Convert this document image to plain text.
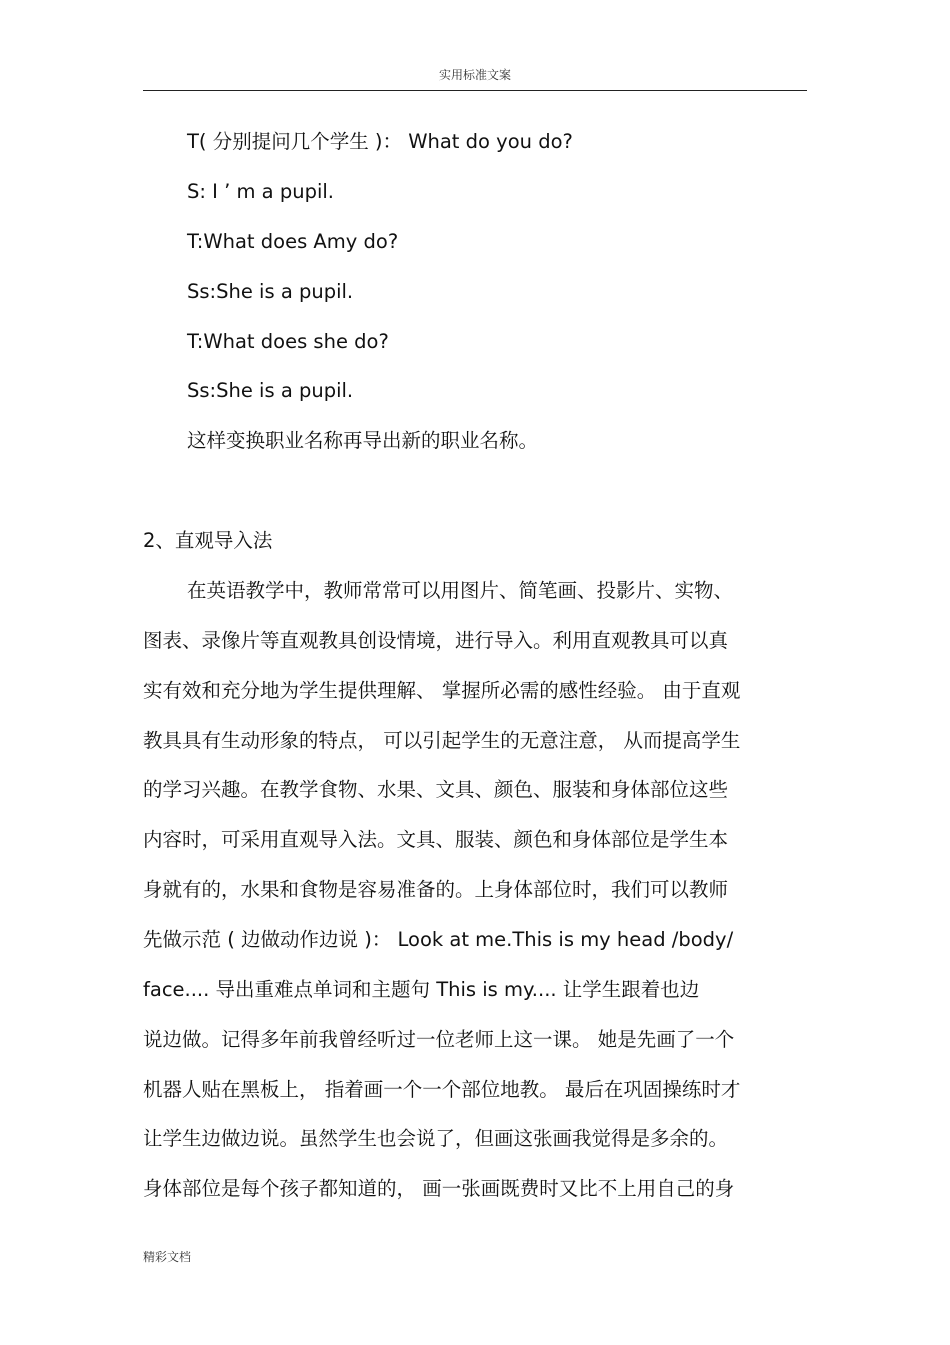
实用标准文案
T( 分别提问几个学生 )： What do you do?
S: I ’ m a pupil.
T:What does Amy do?
Ss:She is a pupil.
T:What does she do?
Ss:She is a pupil.
这样变换职业名称再导出新的职业名称。
2、直观导入法
在英语教学中，教师常常可以用图片、简笔画、投影片、实物、
图表、录像片等直观教具创设情境，进行导入。利用直观教具可以真
实有效和充分地为学生提供理解、 掌握所必需的感性经验。 由于直观
教具具有生动形象的特点， 可以引起学生的无意注意， 从而提高学生
的学习兴趣。在教学食物、水果、文具、颜色、服装和身体部位这些
内容时，可采用直观导入法。文具、服装、颜色和身体部位是学生本
身就有的，水果和食物是容易准备的。上身体部位时，我们可以教师
先做示范 ( 边做动作边说 )： Look at me.This is my head /body/
face.... 导出重难点单词和主题句 This is my.... 让学生跟着也边
说边做。记得多年前我曾经听过一位老师上这一课。 她是先画了一个
机器人贴在黑板上， 指着画一个一个部位地教。 最后在巩固操练时才
让学生边做边说。虽然学生也会说了，但画这张画我觉得是多余的。
身体部位是每个孩子都知道的， 画一张画既费时又比不上用自己的身
精彩文档
